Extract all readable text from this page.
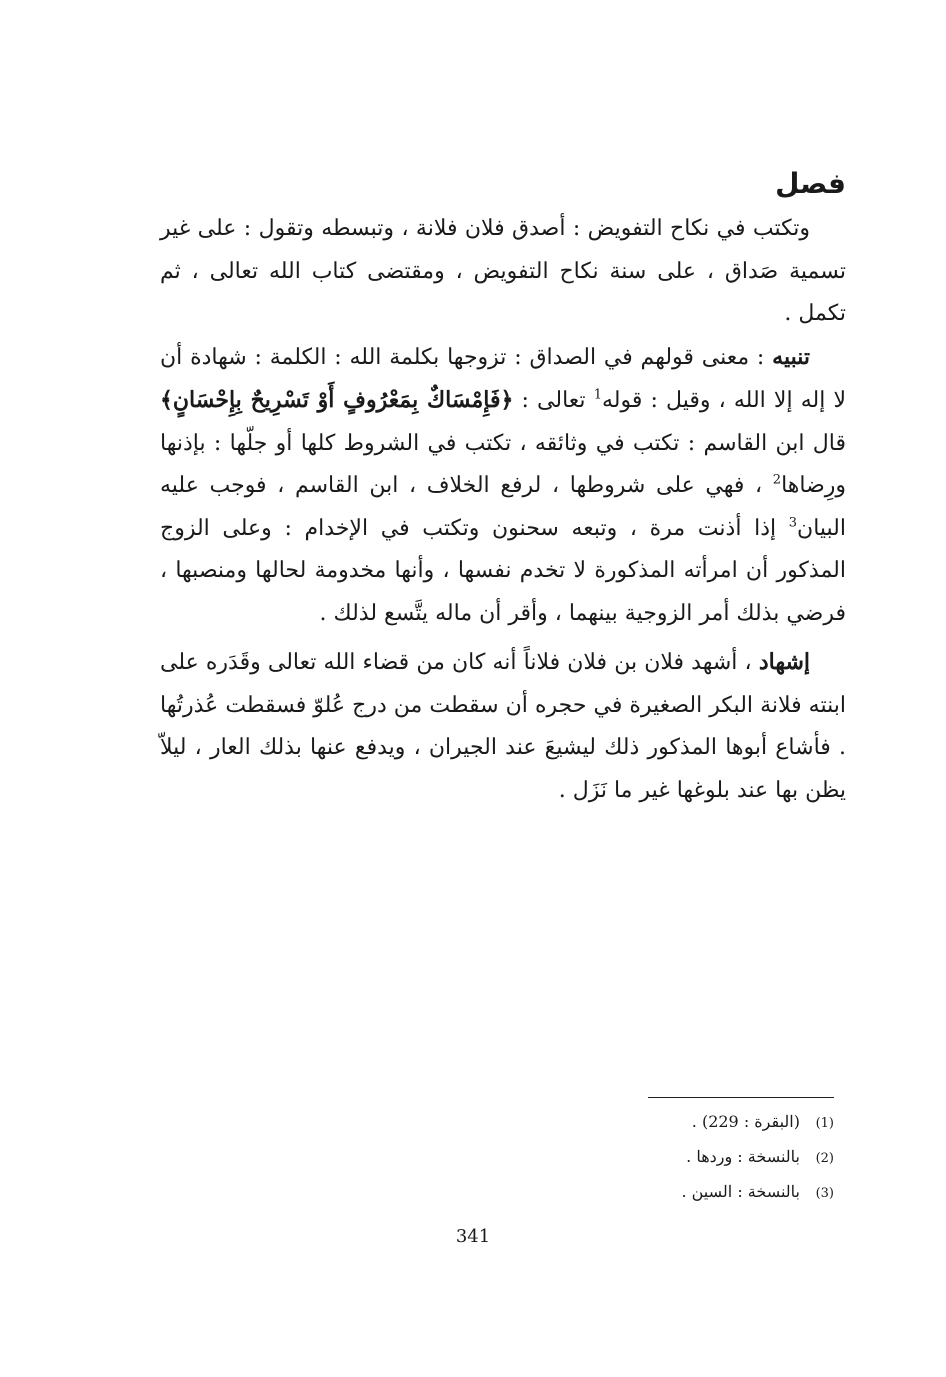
فصل

وتكتب في نكاح التفويض : أصدق فلان فلانة ، وتبسطه وتقول : على غير تسمية صَداق ، على سنة نكاح التفويض ، ومقتضى كتاب الله تعالى ، ثم تكمل .

تنبيه : معنى قولهم في الصداق : تزوجها بكلمة الله : الكلمة : شهادة أن لا إله إلا الله ، وقيل : قوله$^1$ تعالى : ﴿فَإِمْسَاكٌ بِمَعْرُوفٍ أَوْ تَسْرِيحٌ بِإِحْسَانٍ﴾ قال ابن القاسم : تكتب في وثائقه ، تكتب في الشروط كلها أو جلّها : بإذنها ورِضاها$^2$ ، فهي على شروطها ، لرفع الخلاف ، ابن القاسم ، فوجب عليه البيان$^3$ إذا أذنت مرة ، وتبعه سحنون وتكتب في الإخدام : وعلى الزوج المذكور أن امرأته المذكورة لا تخدم نفسها ، وأنها مخدومة لحالها ومنصبها ، فرضي بذلك أمر الزوجية بينهما ، وأقر أن ماله يتَّسع لذلك .

إشهاد ، أشهد فلان بن فلان فلاناً أنه كان من قضاء الله تعالى وقَدَره على ابنته فلانة البكر الصغيرة في حجره أن سقطت من درج عُلوّ فسقطت عُذرتُها . فأشاع أبوها المذكور ذلك ليشيعَ عند الجيران ، ويدفع عنها بذلك العار ، ليلاّ يظن بها عند بلوغها غير ما نَزَل .

(1)
(البقرة : 229) .
(2)
بالنسخة : وردها .
(3)
بالنسخة : السين .
341
